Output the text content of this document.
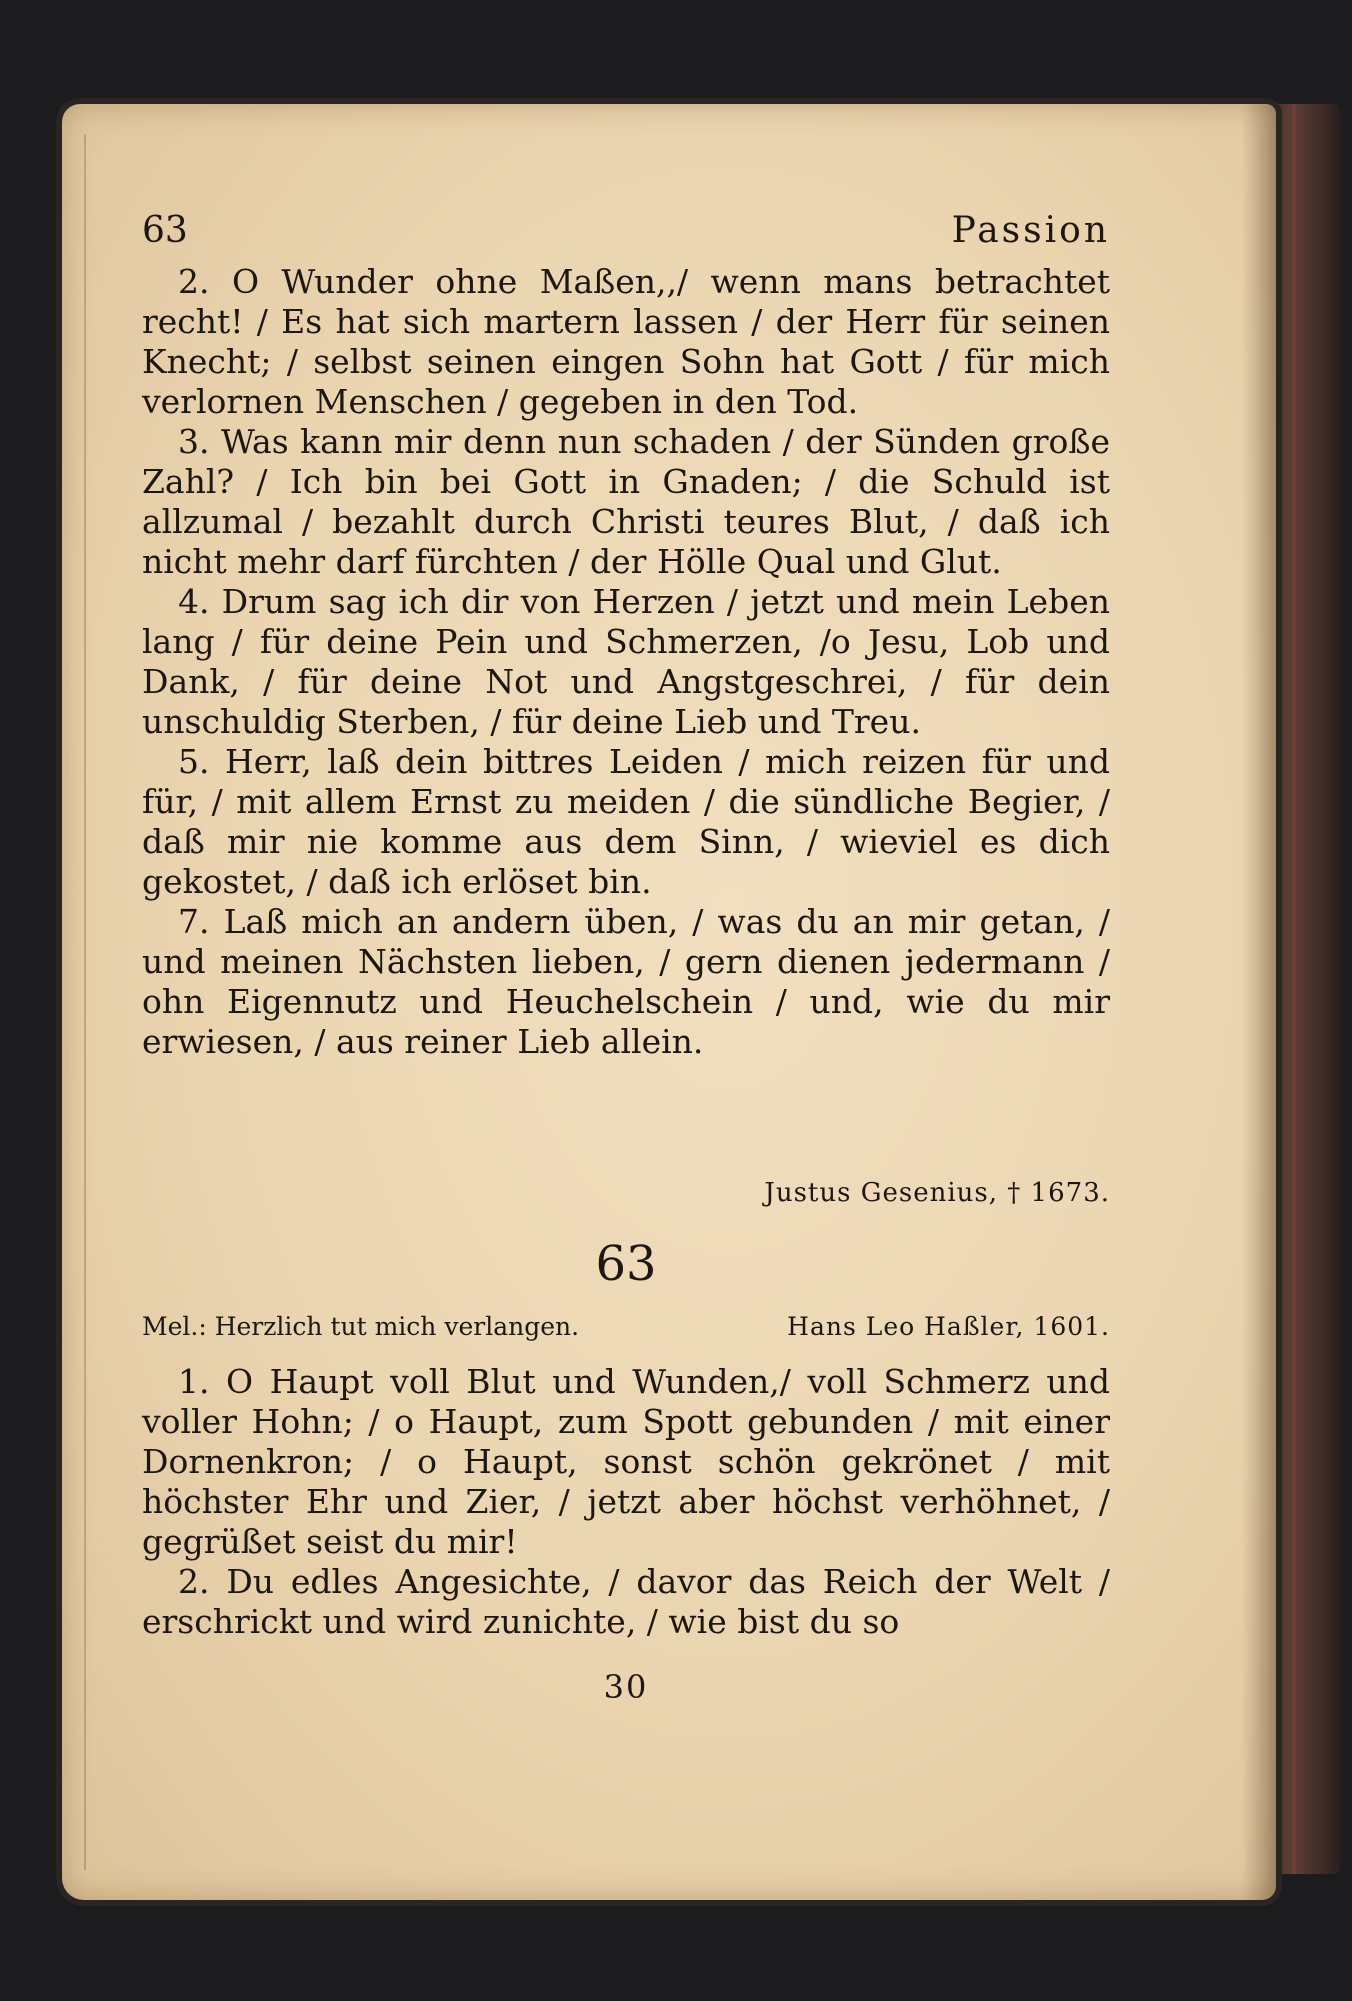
63	Passion

2. O Wunder ohne Maßen,,/ wenn mans betrachtet recht! / Es hat sich martern lassen / der Herr für seinen Knecht; / selbst seinen eingen Sohn hat Gott / für mich verlornen Menschen / gegeben in den Tod.

3. Was kann mir denn nun schaden / der Sünden große Zahl? / Ich bin bei Gott in Gnaden; / die Schuld ist allzumal / bezahlt durch Christi teures Blut, / daß ich nicht mehr darf fürchten / der Hölle Qual und Glut.

4. Drum sag ich dir von Herzen / jetzt und mein Leben lang / für deine Pein und Schmerzen, /o Jesu, Lob und Dank, / für deine Not und Angstgeschrei, / für dein unschuldig Sterben, / für deine Lieb und Treu.

5. Herr, laß dein bittres Leiden / mich reizen für und für, / mit allem Ernst zu meiden / die sündliche Begier, / daß mir nie komme aus dem Sinn, / wieviel es dich gekostet, / daß ich erlöset bin.

7. Laß mich an andern üben, / was du an mir getan, / und meinen Nächsten lieben, / gern dienen jedermann / ohn Eigennutz und Heuchelschein / und, wie du mir erwiesen, / aus reiner Lieb allein.

Justus Gesenius, † 1673.
63
Mel.: Herzlich tut mich verlangen.	Hans Leo Haßler, 1601.

1. O Haupt voll Blut und Wunden,/ voll Schmerz und voller Hohn; / o Haupt, zum Spott gebunden / mit einer Dornenkron; / o Haupt, sonst schön gekrönet / mit höchster Ehr und Zier, / jetzt aber höchst verhöhnet, / gegrüßet seist du mir!

2. Du edles Angesichte, / davor das Reich der Welt / erschrickt und wird zunichte, / wie bist du so

30
